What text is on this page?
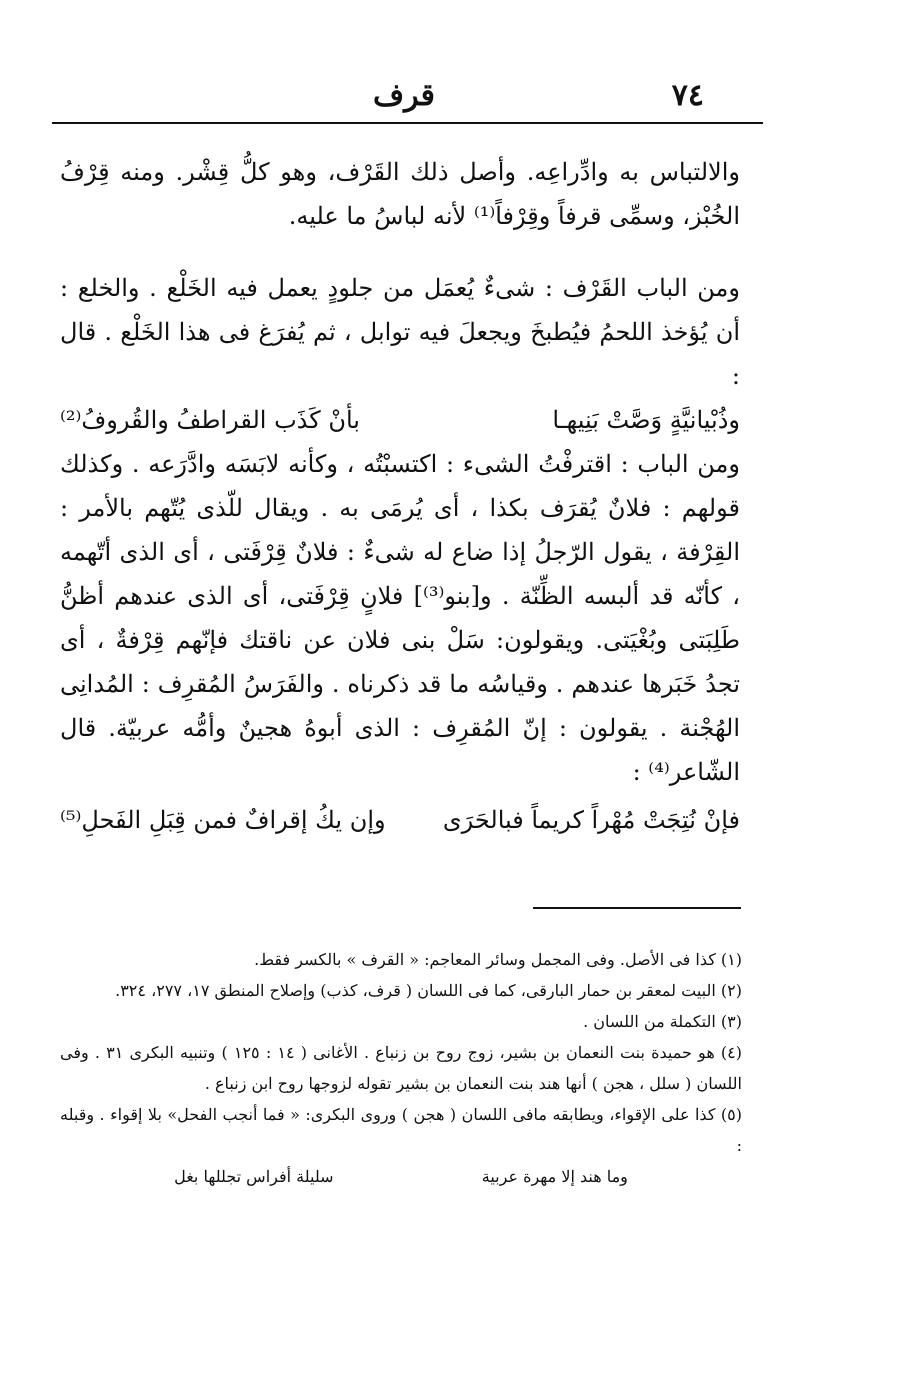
٧٤
قرف

والالتباس به وادِّراعِه. وأصل ذلك القَرْف، وهو كلُّ قِشْر. ومنه قِرْفُ الخُبْز، وسمِّى قرفاً وقِرْفاً⁽¹⁾ لأنه لباسُ ما عليه.

ومن الباب القَرْف : شىءٌ يُعمَل من جلودٍ يعمل فيه الخَلْع . والخلع : أن يُؤخذ اللحمُ فيُطبخَ ويجعلَ فيه توابل ، ثم يُفرَغ فى هذا الخَلْع . قال :

وذُبْيانيَّةٍ وَصَّتْ بَنِيهـا
بأنْ كَذَب القراطفُ والقُروفُ⁽²⁾

ومن الباب : اقترفْتُ الشىء : اكتسبْتُه ، وكأنه لابَسَه وادَّرَعه . وكذلك قولهم : فلانٌ يُقرَف بكذا ، أى يُرمَى به . ويقال للّذى يُتّهم بالأمر : القِرْفة ، يقول الرّجلُ إذا ضاع له شىءٌ : فلانٌ قِرْفَتى ، أى الذى أتّهمه ، كأنّه قد ألبسه الظِّنّة . و[بنو⁽³⁾] فلانٍ قِرْفَتى، أى الذى عندهم أظنُّ طَلِبَتى وبُغْيَتى. ويقولون: سَلْ بنى فلان عن ناقتك فإنّهم قِرْفةٌ ، أى تجدُ خَبَرها عندهم . وقياسُه ما قد ذكرناه . والفَرَسُ المُقرِف : المُدانِى الهُجْنة . يقولون : إنّ المُقرِف : الذى أبوهُ هجينٌ وأمُّه عربيّة. قال الشّاعر⁽⁴⁾ :

فإنْ نُتِجَتْ مُهْراً كريماً فبالحَرَى
وإن يكُ إقرافٌ فمن قِبَلِ الفَحلِ⁽⁵⁾

(١) كذا فى الأصل. وفى المجمل وسائر المعاجم: « القرف » بالكسر فقط.

(٢) البيت لمعقر بن حمار البارقى، كما فى اللسان ( قرف، كذب) وإصلاح المنطق ١٧، ٢٧٧، ٣٢٤.

(٣) التكملة من اللسان .

(٤) هو حميدة بنت النعمان بن بشير، زوج روح بن زنباع . الأغانى ( ١٤ : ١٢٥ ) وتنبيه البكرى ٣١ . وفى اللسان ( سلل ، هجن ) أنها هند بنت النعمان بن بشير تقوله لزوجها روح ابن زنباع .

(٥) كذا على الإقواء، ويطابقه مافى اللسان ( هجن ) وروى البكرى: « فما أنجب الفحل» بلا إقواء . وقبله :

وما هند إلا مهرة عربية
سليلة أفراس تجللها بغل
